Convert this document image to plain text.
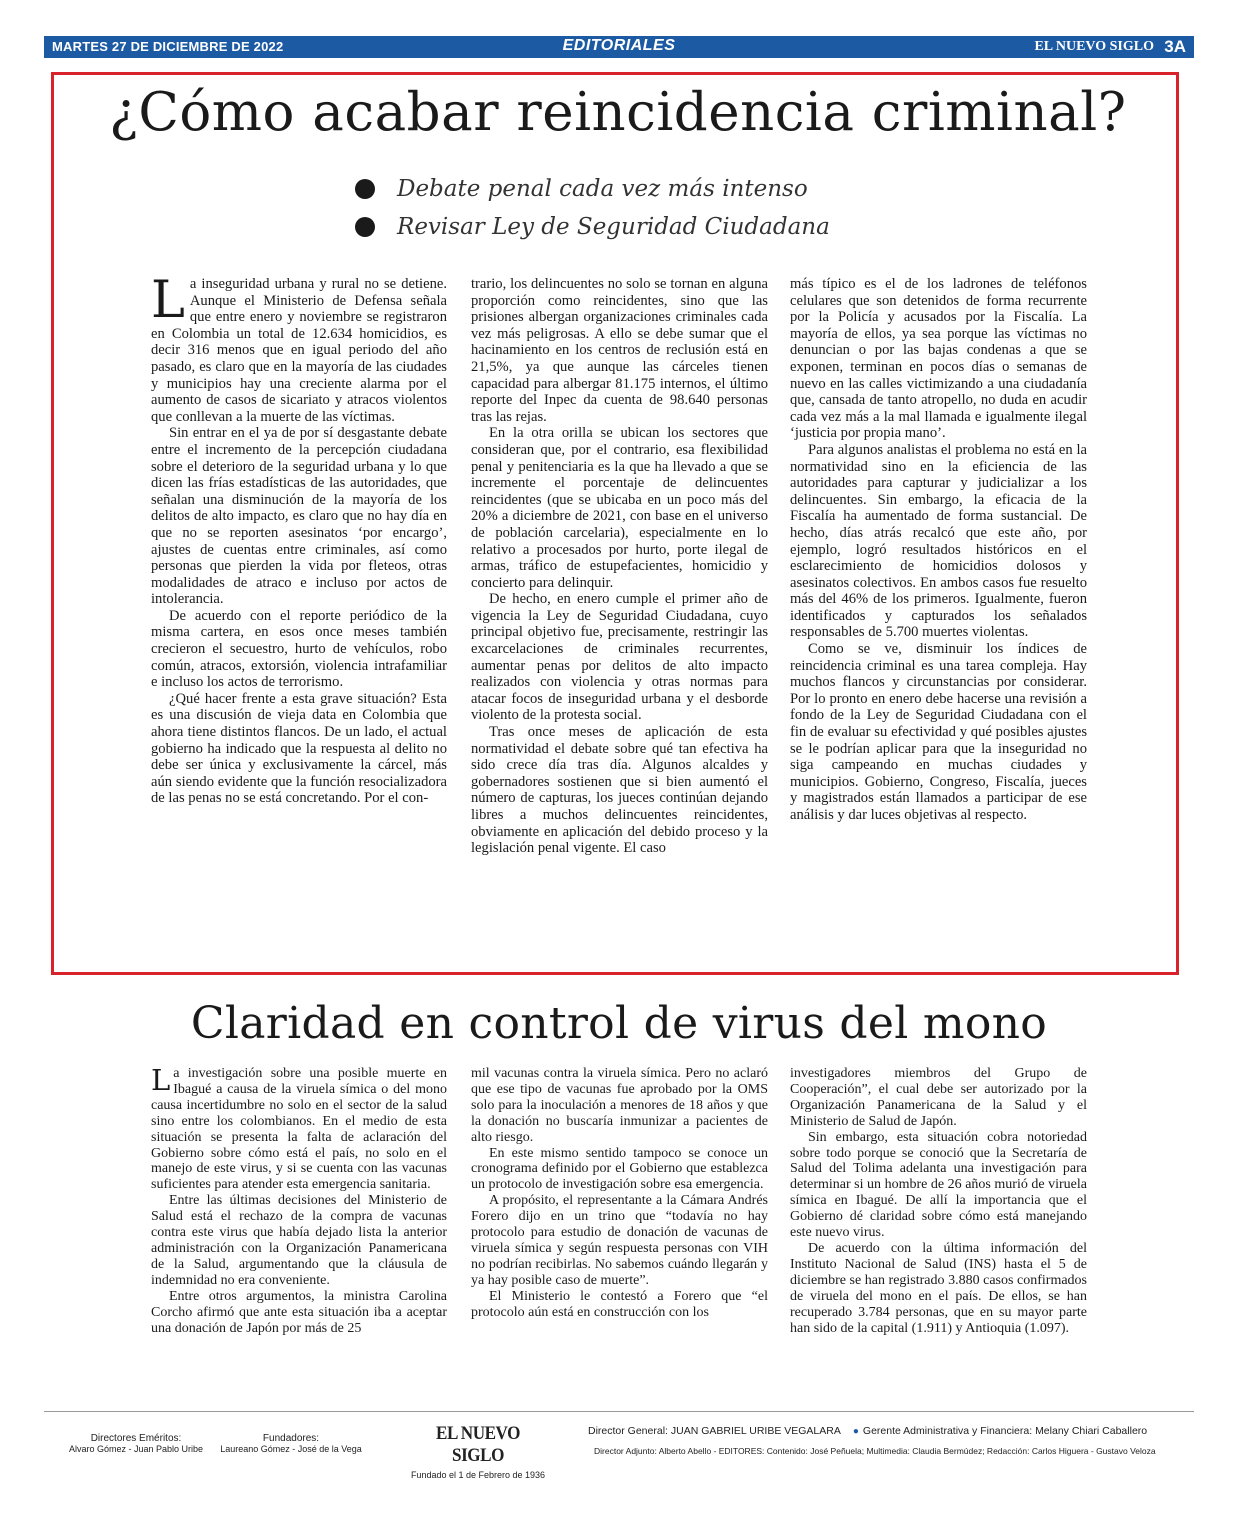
MARTES 27 DE DICIEMBRE DE 2022	EDITORIALES	EL NUEVO SIGLO 3A
¿Cómo acabar reincidencia criminal?
Debate penal cada vez más intenso
Revisar Ley de Seguridad Ciudadana

La inseguridad urbana y rural no se detiene. Aunque el Ministerio de Defensa señala que entre enero y noviembre se registraron en Colombia un total de 12.634 homicidios, es decir 316 menos que en igual periodo del año pasado, es claro que en la mayoría de las ciudades y municipios hay una creciente alarma por el aumento de casos de sicariato y atracos violentos que conllevan a la muerte de las víctimas.

Sin entrar en el ya de por sí desgastante debate entre el incremento de la percepción ciudadana sobre el deterioro de la seguridad urbana y lo que dicen las frías estadísticas de las autoridades, que señalan una disminución de la mayoría de los delitos de alto impacto, es claro que no hay día en que no se reporten asesinatos ‘por encargo’, ajustes de cuentas entre criminales, así como personas que pierden la vida por fleteos, otras modalidades de atraco e incluso por actos de intolerancia.

De acuerdo con el reporte periódico de la misma cartera, en esos once meses también crecieron el secuestro, hurto de vehículos, robo común, atracos, extorsión, violencia intrafamiliar e incluso los actos de terrorismo.

¿Qué hacer frente a esta grave situación? Esta es una discusión de vieja data en Colombia que ahora tiene distintos flancos. De un lado, el actual gobierno ha indicado que la respuesta al delito no debe ser única y exclusivamente la cárcel, más aún siendo evidente que la función resocializadora de las penas no se está concretando. Por el con-

trario, los delincuentes no solo se tornan en alguna proporción como reincidentes, sino que las prisiones albergan organizaciones criminales cada vez más peligrosas. A ello se debe sumar que el hacinamiento en los centros de reclusión está en 21,5%, ya que aunque las cárceles tienen capacidad para albergar 81.175 internos, el último reporte del Inpec da cuenta de 98.640 personas tras las rejas.

En la otra orilla se ubican los sectores que consideran que, por el contrario, esa flexibilidad penal y penitenciaria es la que ha llevado a que se incremente el porcentaje de delincuentes reincidentes (que se ubicaba en un poco más del 20% a diciembre de 2021, con base en el universo de población carcelaria), especialmente en lo relativo a procesados por hurto, porte ilegal de armas, tráfico de estupefacientes, homicidio y concierto para delinquir.

De hecho, en enero cumple el primer año de vigencia la Ley de Seguridad Ciudadana, cuyo principal objetivo fue, precisamente, restringir las excarcelaciones de criminales recurrentes, aumentar penas por delitos de alto impacto realizados con violencia y otras normas para atacar focos de inseguridad urbana y el desborde violento de la protesta social.

Tras once meses de aplicación de esta normatividad el debate sobre qué tan efectiva ha sido crece día tras día. Algunos alcaldes y gobernadores sostienen que si bien aumentó el número de capturas, los jueces continúan dejando libres a muchos delincuentes reincidentes, obviamente en aplicación del debido proceso y la legislación penal vigente. El caso

más típico es el de los ladrones de teléfonos celulares que son detenidos de forma recurrente por la Policía y acusados por la Fiscalía. La mayoría de ellos, ya sea porque las víctimas no denuncian o por las bajas condenas a que se exponen, terminan en pocos días o semanas de nuevo en las calles victimizando a una ciudadanía que, cansada de tanto atropello, no duda en acudir cada vez más a la mal llamada e igualmente ilegal ‘justicia por propia mano’.

Para algunos analistas el problema no está en la normatividad sino en la eficiencia de las autoridades para capturar y judicializar a los delincuentes. Sin embargo, la eficacia de la Fiscalía ha aumentado de forma sustancial. De hecho, días atrás recalcó que este año, por ejemplo, logró resultados históricos en el esclarecimiento de homicidios dolosos y asesinatos colectivos. En ambos casos fue resuelto más del 46% de los primeros. Igualmente, fueron identificados y capturados los señalados responsables de 5.700 muertes violentas.

Como se ve, disminuir los índices de reincidencia criminal es una tarea compleja. Hay muchos flancos y circunstancias por considerar. Por lo pronto en enero debe hacerse una revisión a fondo de la Ley de Seguridad Ciudadana con el fin de evaluar su efectividad y qué posibles ajustes se le podrían aplicar para que la inseguridad no siga campeando en muchas ciudades y municipios. Gobierno, Congreso, Fiscalía, jueces y magistrados están llamados a participar de ese análisis y dar luces objetivas al respecto.

Claridad en control de virus del mono

La investigación sobre una posible muerte en Ibagué a causa de la viruela símica o del mono causa incertidumbre no solo en el sector de la salud sino entre los colombianos. En el medio de esta situación se presenta la falta de aclaración del Gobierno sobre cómo está el país, no solo en el manejo de este virus, y si se cuenta con las vacunas suficientes para atender esta emergencia sanitaria.

Entre las últimas decisiones del Ministerio de Salud está el rechazo de la compra de vacunas contra este virus que había dejado lista la anterior administración con la Organización Panamericana de la Salud, argumentando que la cláusula de indemnidad no era conveniente.

Entre otros argumentos, la ministra Carolina Corcho afirmó que ante esta situación iba a aceptar una donación de Japón por más de 25

mil vacunas contra la viruela símica. Pero no aclaró que ese tipo de vacunas fue aprobado por la OMS solo para la inoculación a menores de 18 años y que la donación no buscaría inmunizar a pacientes de alto riesgo.

En este mismo sentido tampoco se conoce un cronograma definido por el Gobierno que establezca un protocolo de investigación sobre esa emergencia.

A propósito, el representante a la Cámara Andrés Forero dijo en un trino que “todavía no hay protocolo para estudio de donación de vacunas de viruela símica y según respuesta personas con VIH no podrían recibirlas. No sabemos cuándo llegarán y ya hay posible caso de muerte”.

El Ministerio le contestó a Forero que “el protocolo aún está en construcción con los

investigadores miembros del Grupo de Cooperación”, el cual debe ser autorizado por la Organización Panamericana de la Salud y el Ministerio de Salud de Japón.

Sin embargo, esta situación cobra notoriedad sobre todo porque se conoció que la Secretaría de Salud del Tolima adelanta una investigación para determinar si un hombre de 26 años murió de viruela símica en Ibagué. De allí la importancia que el Gobierno dé claridad sobre cómo está manejando este nuevo virus.

De acuerdo con la última información del Instituto Nacional de Salud (INS) hasta el 5 de diciembre se han registrado 3.880 casos confirmados de viruela del mono en el país. De ellos, se han recuperado 3.784 personas, que en su mayor parte han sido de la capital (1.911) y Antioquia (1.097).

Directores Eméritos:
Alvaro Gómez - Juan Pablo Uribe
Fundadores:
Laureano Gómez - José de la Vega
EL NUEVO SIGLO
Fundado el 1 de Febrero de 1936
Director General: JUAN GABRIEL URIBE VEGALARA ● Gerente Administrativa y Financiera: Melany Chiari Caballero
Director Adjunto: Alberto Abello - EDITORES: Contenido: José Peñuela; Multimedia: Claudia Bermúdez; Redacción: Carlos Higuera - Gustavo Veloza
